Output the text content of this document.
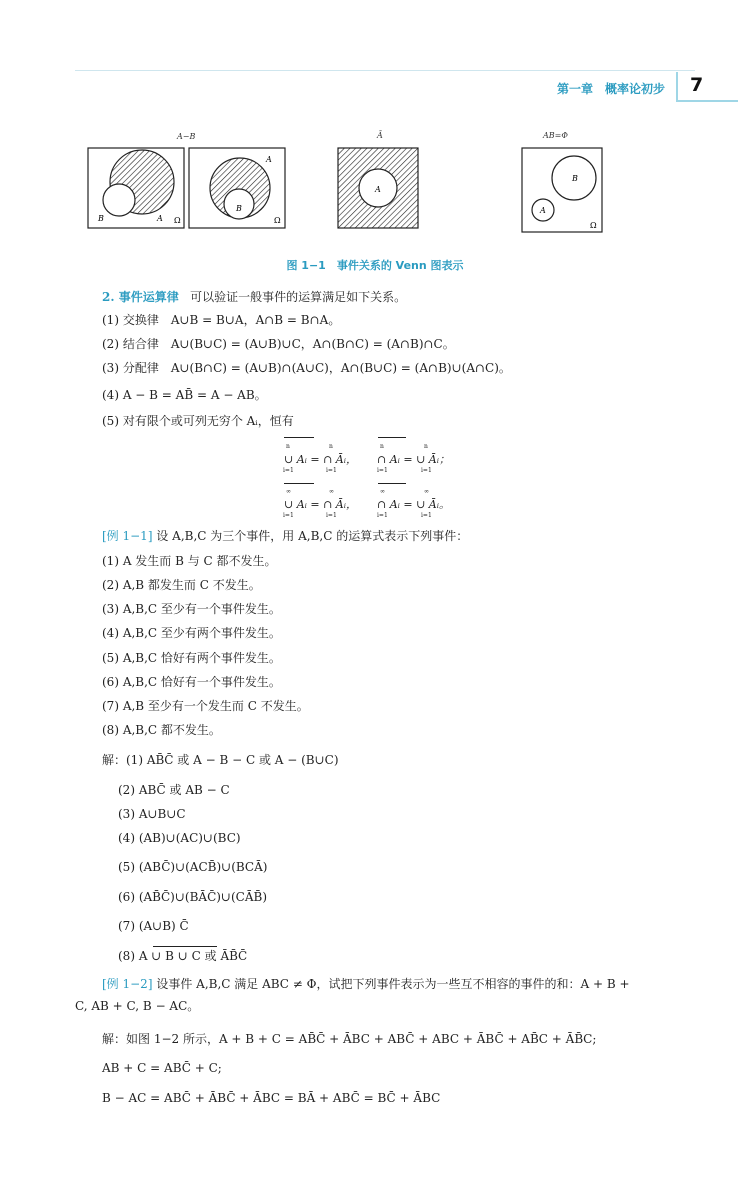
第一章　概率论初步 7
A−B	Ā	AB=Φ
B	A Ω
A
B
Ω
A
B
A
Ω
图 1−1　事件关系的 Venn 图表示
2. 事件运算律 可以验证一般事件的运算满足如下关系。
(1) 交换律　A∪B = B∪A，A∩B = B∩A。
(2) 结合律　A∪(B∪C) = (A∪B)∪C，A∩(B∩C) = (A∩B)∩C。
(3) 分配律　A∪(B∩C) = (A∪B)∩(A∪C)，A∩(B∪C) = (A∩B)∪(A∩C)。
(4) A − B = AB̄ = A − AB。
(5) 对有限个或可列无穷个 Aᵢ，恒有
n	n	n	n
∪ Aᵢ = ∩ Āᵢ， ∩ Aᵢ = ∪ Āᵢ；
i=1	i=1	i=1	i=1
∞	∞	∞	∞
∪ Aᵢ = ∩ Āᵢ， ∩ Aᵢ = ∪ Āᵢ。
i=1	i=1	i=1	i=1
[例 1−1] 设 A,B,C 为三个事件，用 A,B,C 的运算式表示下列事件：
(1) A 发生而 B 与 C 都不发生。
(2) A,B 都发生而 C 不发生。
(3) A,B,C 至少有一个事件发生。
(4) A,B,C 至少有两个事件发生。
(5) A,B,C 恰好有两个事件发生。
(6) A,B,C 恰好有一个事件发生。
(7) A,B 至少有一个发生而 C 不发生。
(8) A,B,C 都不发生。
解：(1) AB̄C̄ 或 A − B − C 或 A − (B∪C)
(2) ABC̄ 或 AB − C
(3) A∪B∪C
(4) (AB)∪(AC)∪(BC)
(5) (ABC̄)∪(ACB̄)∪(BCĀ)
(6) (AB̄C̄)∪(BĀC̄)∪(CĀB̄)
(7) (A∪B) C̄
(8) A ∪ B ∪ C 或 ĀB̄C̄
[例 1−2] 设事件 A,B,C 满足 ABC ≠ Φ，试把下列事件表示为一些互不相容的事件的和：A + B +
C, AB + C, B − AC。
解：如图 1−2 所示，A + B + C = AB̄C̄ + ĀBC + ABC̄ + ABC + ĀBC̄ + AB̄C + ĀB̄C;
AB + C = ABC̄ + C;
B − AC = ABC̄ + ĀBC̄ + ĀBC = BĀ + ABC̄ = BC̄ + ĀBC
